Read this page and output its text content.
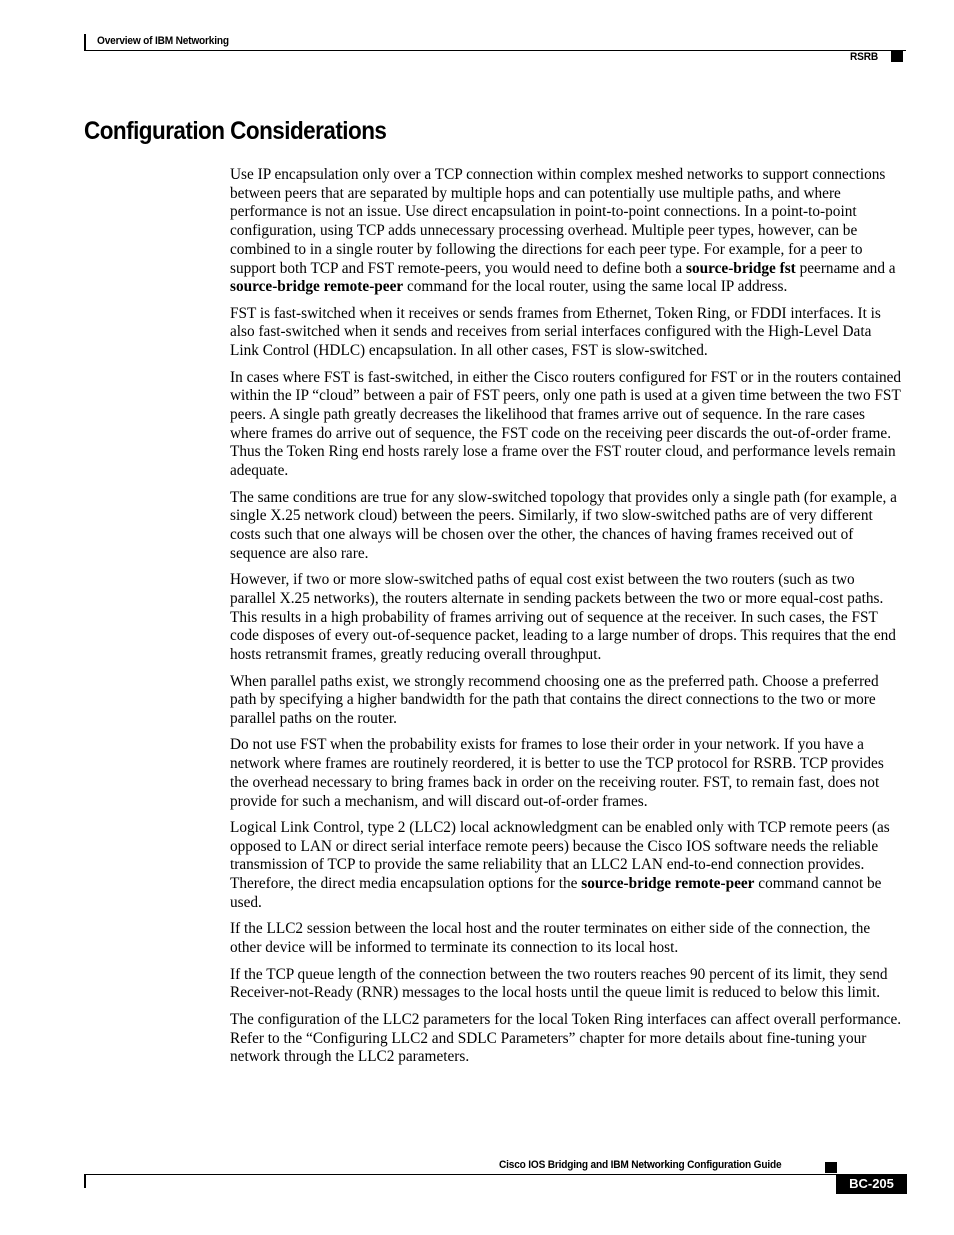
Overview of IBM Networking
RSRB
Configuration Considerations

Use IP encapsulation only over a TCP connection within complex meshed networks to support connections between peers that are separated by multiple hops and can potentially use multiple paths, and where performance is not an issue. Use direct encapsulation in point-to-point connections. In a point-to-point configuration, using TCP adds unnecessary processing overhead. Multiple peer types, however, can be combined to in a single router by following the directions for each peer type. For example, for a peer to support both TCP and FST remote-peers, you would need to define both a source-bridge fst peername and a source-bridge remote-peer command for the local router, using the same local IP address.

FST is fast-switched when it receives or sends frames from Ethernet, Token Ring, or FDDI interfaces. It is also fast-switched when it sends and receives from serial interfaces configured with the High-Level Data Link Control (HDLC) encapsulation. In all other cases, FST is slow-switched.

In cases where FST is fast-switched, in either the Cisco routers configured for FST or in the routers contained within the IP “cloud” between a pair of FST peers, only one path is used at a given time between the two FST peers. A single path greatly decreases the likelihood that frames arrive out of sequence. In the rare cases where frames do arrive out of sequence, the FST code on the receiving peer discards the out-of-order frame. Thus the Token Ring end hosts rarely lose a frame over the FST router cloud, and performance levels remain adequate.

The same conditions are true for any slow-switched topology that provides only a single path (for example, a single X.25 network cloud) between the peers. Similarly, if two slow-switched paths are of very different costs such that one always will be chosen over the other, the chances of having frames received out of sequence are also rare.

However, if two or more slow-switched paths of equal cost exist between the two routers (such as two parallel X.25 networks), the routers alternate in sending packets between the two or more equal-cost paths. This results in a high probability of frames arriving out of sequence at the receiver. In such cases, the FST code disposes of every out-of-sequence packet, leading to a large number of drops. This requires that the end hosts retransmit frames, greatly reducing overall throughput.

When parallel paths exist, we strongly recommend choosing one as the preferred path. Choose a preferred path by specifying a higher bandwidth for the path that contains the direct connections to the two or more parallel paths on the router.

Do not use FST when the probability exists for frames to lose their order in your network. If you have a network where frames are routinely reordered, it is better to use the TCP protocol for RSRB. TCP provides the overhead necessary to bring frames back in order on the receiving router. FST, to remain fast, does not provide for such a mechanism, and will discard out-of-order frames.

Logical Link Control, type 2 (LLC2) local acknowledgment can be enabled only with TCP remote peers (as opposed to LAN or direct serial interface remote peers) because the Cisco IOS software needs the reliable transmission of TCP to provide the same reliability that an LLC2 LAN end-to-end connection provides. Therefore, the direct media encapsulation options for the source-bridge remote-peer command cannot be used.

If the LLC2 session between the local host and the router terminates on either side of the connection, the other device will be informed to terminate its connection to its local host.

If the TCP queue length of the connection between the two routers reaches 90 percent of its limit, they send Receiver-not-Ready (RNR) messages to the local hosts until the queue limit is reduced to below this limit.

The configuration of the LLC2 parameters for the local Token Ring interfaces can affect overall performance. Refer to the “Configuring LLC2 and SDLC Parameters” chapter for more details about fine-tuning your network through the LLC2 parameters.

Cisco IOS Bridging and IBM Networking Configuration Guide
BC-205
